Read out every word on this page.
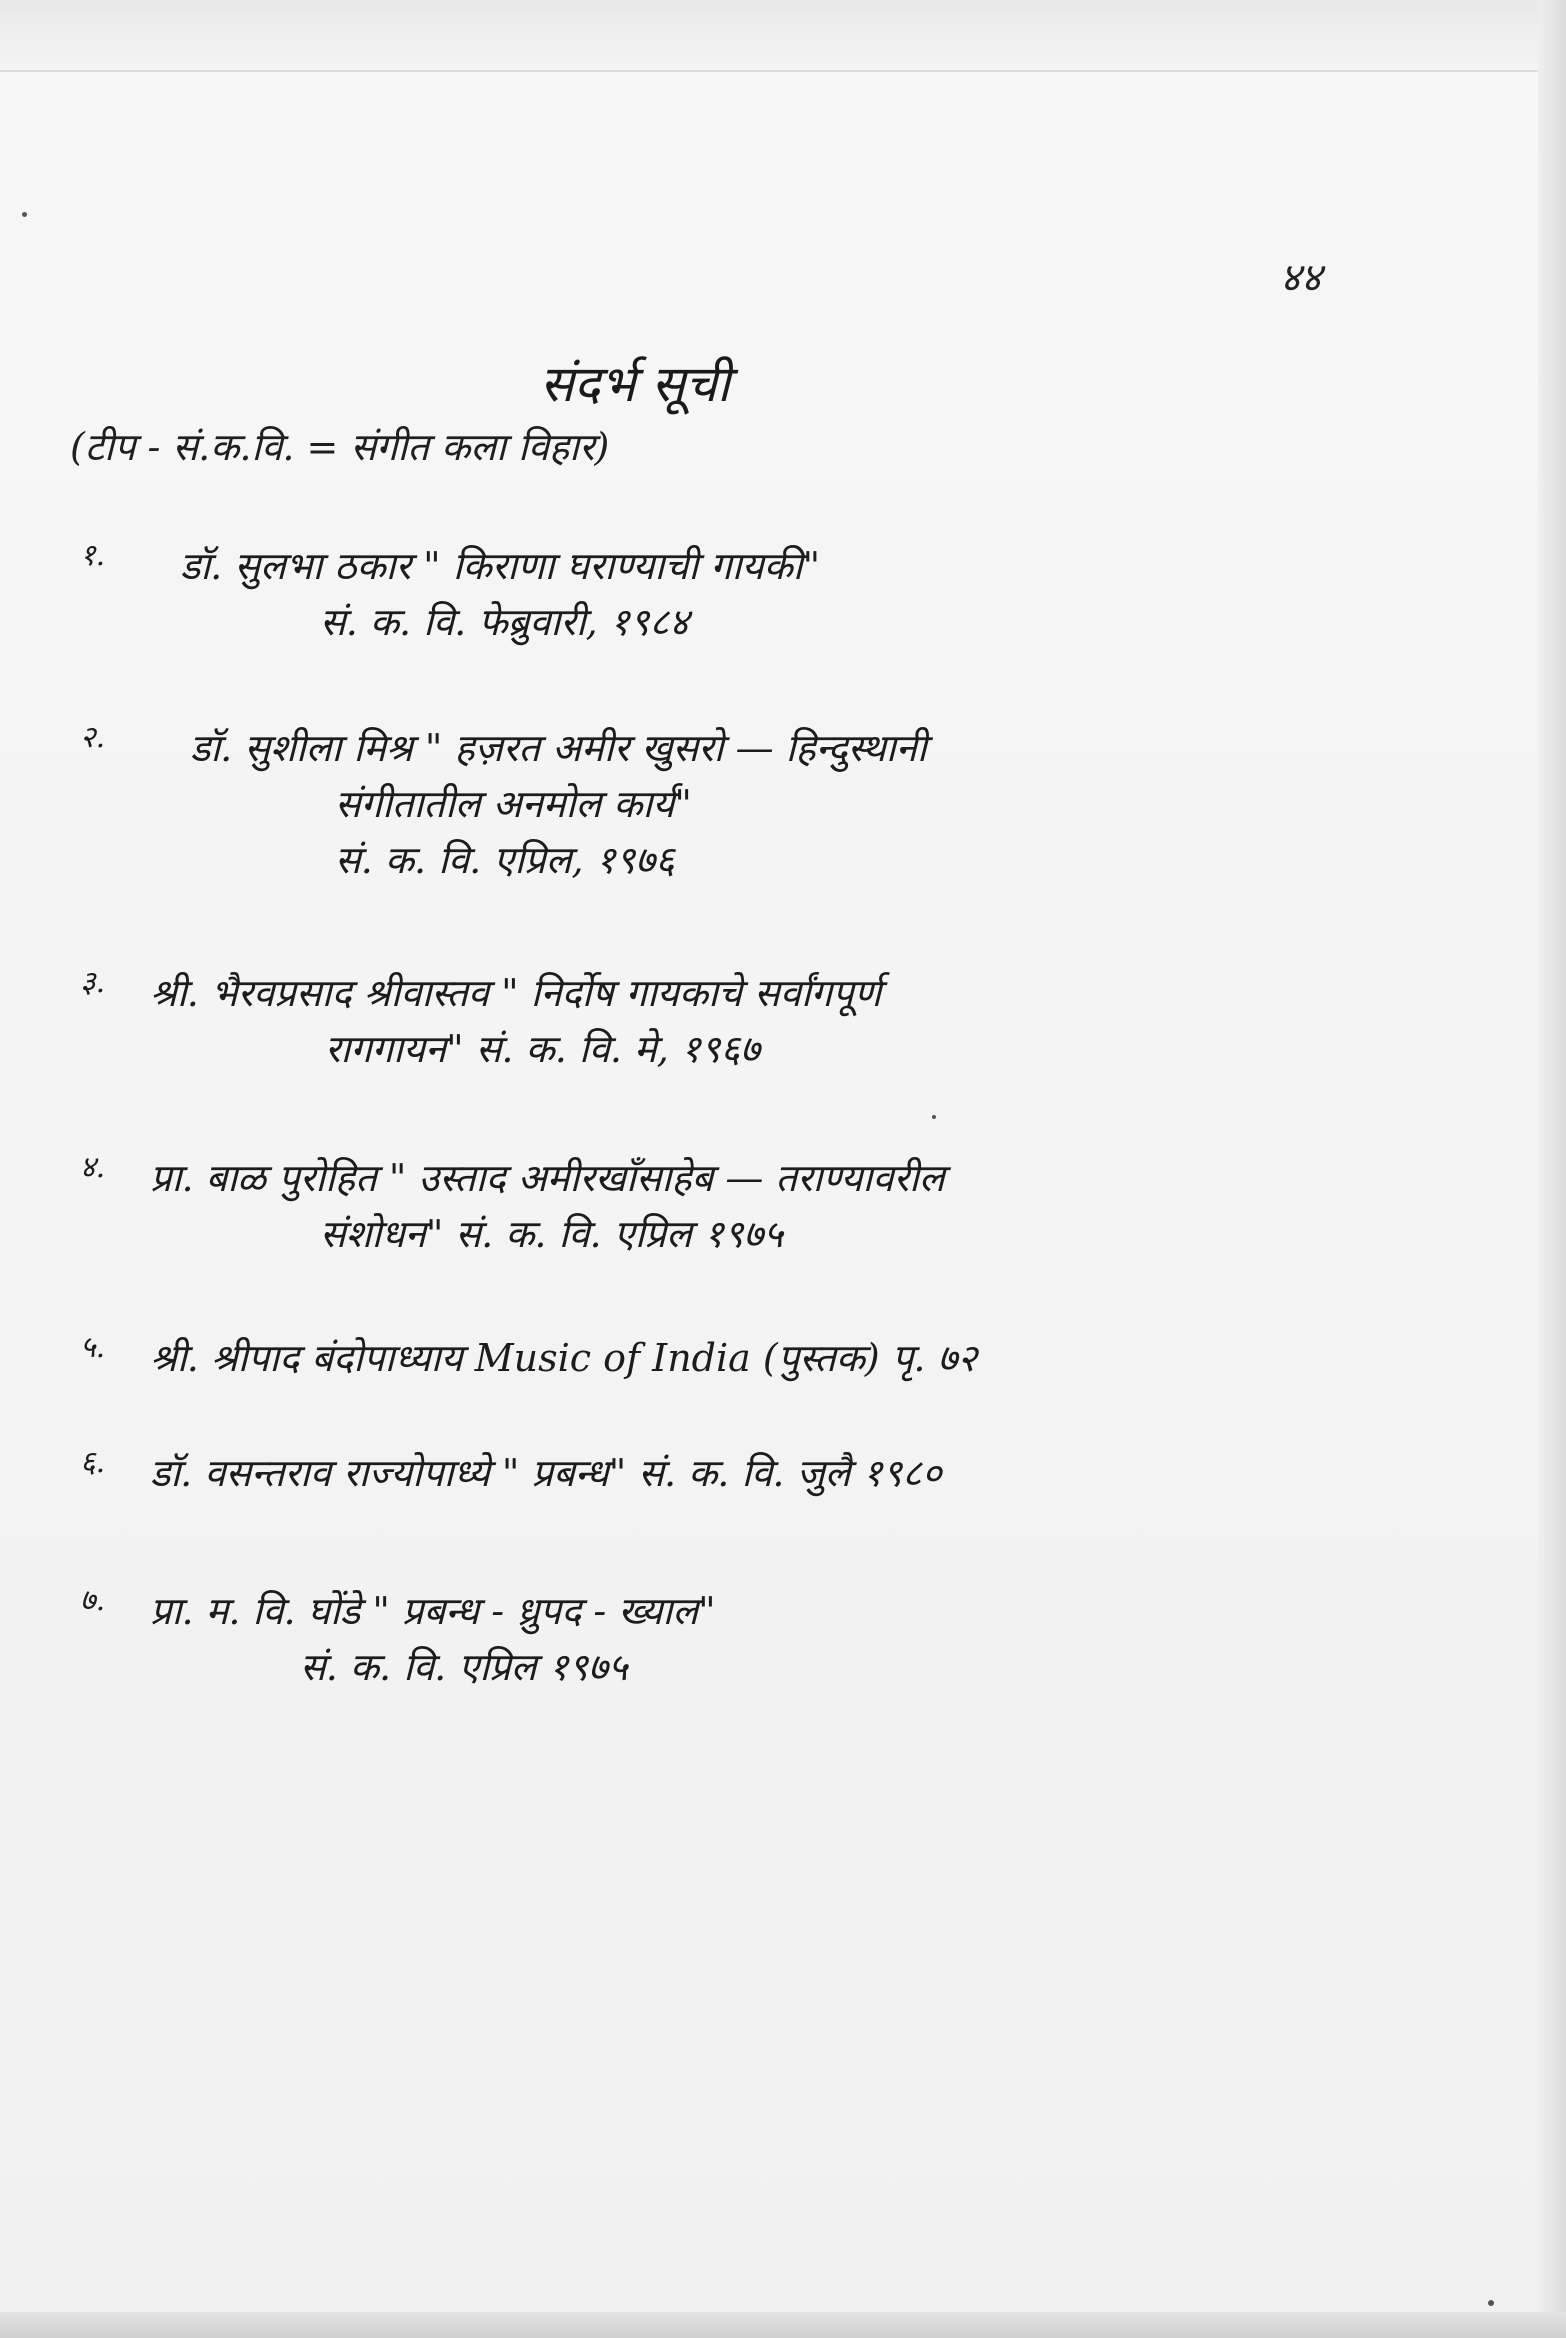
४४
संदर्भ सूची
(टीप - सं.क.वि. = संगीत कला विहार)
१. डॉ. सुलभा ठकार " किराणा घराण्याची गायकी"
सं. क. वि. फेब्रुवारी, १९८४
२. डॉ. सुशीला मिश्र " हज़रत अमीर खुसरो — हिन्दुस्थानी
संगीतातील अनमोल कार्य"
सं. क. वि. एप्रिल, १९७६
३. श्री. भैरवप्रसाद श्रीवास्तव " निर्दोष गायकाचे सर्वांगपूर्ण
रागगायन" सं. क. वि. मे, १९६७
४. प्रा. बाळ पुरोहित " उस्ताद अमीरखाँसाहेब — तराण्यावरील
संशोधन" सं. क. वि. एप्रिल १९७५
५. श्री. श्रीपाद बंदोपाध्याय Music of India (पुस्तक) पृ. ७२
६. डॉ. वसन्तराव राज्योपाध्ये " प्रबन्ध" सं. क. वि. जुलै १९८०
७. प्रा. म. वि. घोंडे " प्रबन्ध - ध्रुपद - ख्याल"
सं. क. वि. एप्रिल १९७५
